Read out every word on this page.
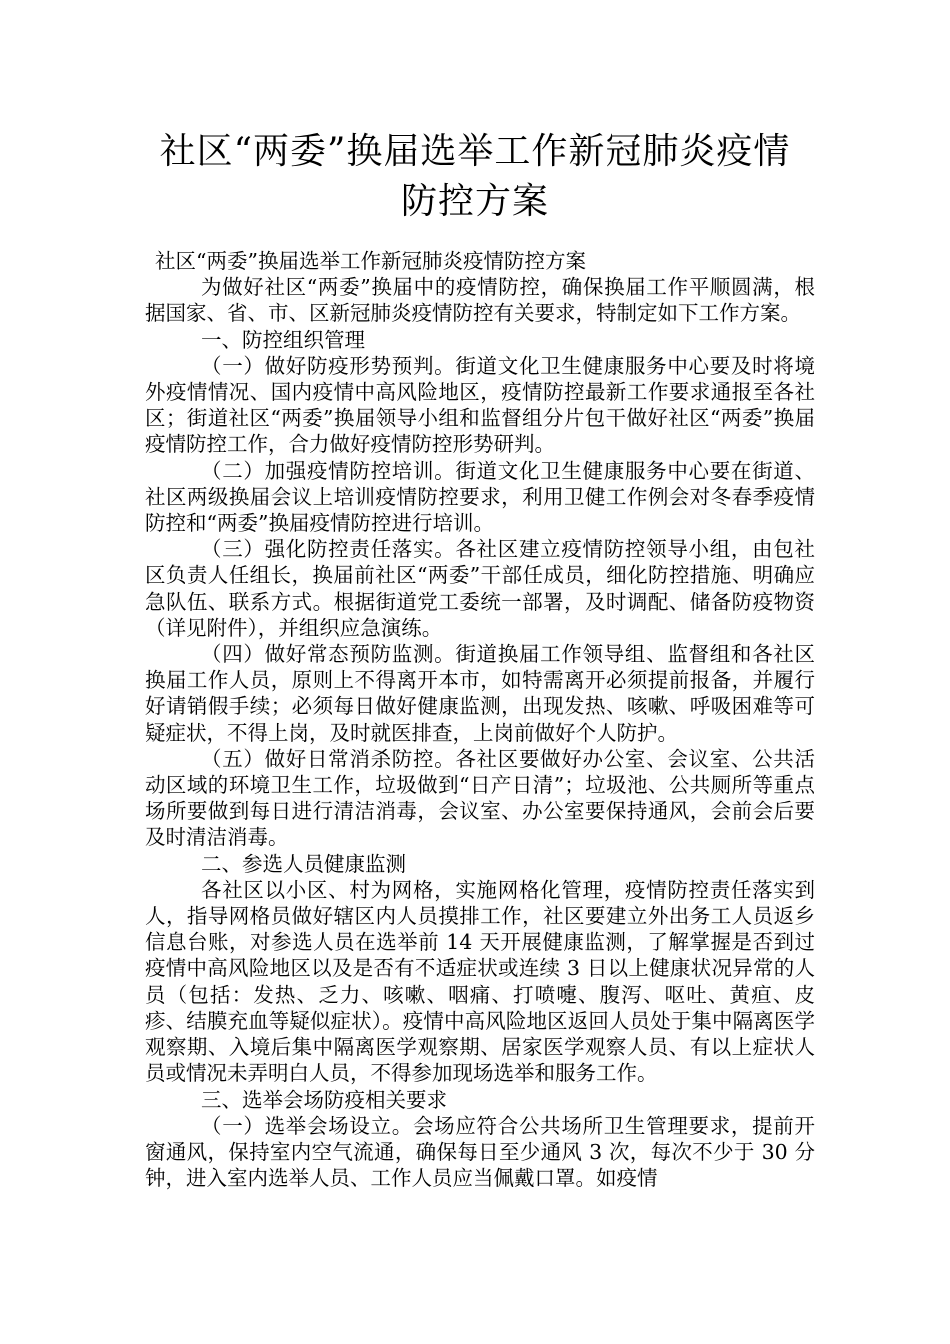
社区“两委”换届选举工作新冠肺炎疫情
防控方案

社区“两委”换届选举工作新冠肺炎疫情防控方案

为做好社区“两委”换届中的疫情防控，确保换届工作平顺圆满，根据国家、省、市、区新冠肺炎疫情防控有关要求，特制定如下工作方案。

一、防控组织管理

（一）做好防疫形势预判。街道文化卫生健康服务中心要及时将境外疫情情况、国内疫情中高风险地区，疫情防控最新工作要求通报至各社区；街道社区“两委”换届领导小组和监督组分片包干做好社区“两委”换届疫情防控工作，合力做好疫情防控形势研判。

（二）加强疫情防控培训。街道文化卫生健康服务中心要在街道、社区两级换届会议上培训疫情防控要求，利用卫健工作例会对冬春季疫情防控和“两委”换届疫情防控进行培训。

（三）强化防控责任落实。各社区建立疫情防控领导小组，由包社区负责人任组长，换届前社区“两委”干部任成员，细化防控措施、明确应急队伍、联系方式。根据街道党工委统一部署，及时调配、储备防疫物资（详见附件），并组织应急演练。

（四）做好常态预防监测。街道换届工作领导组、监督组和各社区换届工作人员，原则上不得离开本市，如特需离开必须提前报备，并履行好请销假手续；必须每日做好健康监测，出现发热、咳嗽、呼吸困难等可疑症状，不得上岗，及时就医排查，上岗前做好个人防护。

（五）做好日常消杀防控。各社区要做好办公室、会议室、公共活动区域的环境卫生工作，垃圾做到“日产日清”；垃圾池、公共厕所等重点场所要做到每日进行清洁消毒，会议室、办公室要保持通风，会前会后要及时清洁消毒。

二、参选人员健康监测

各社区以小区、村为网格，实施网格化管理，疫情防控责任落实到人，指导网格员做好辖区内人员摸排工作，社区要建立外出务工人员返乡信息台账，对参选人员在选举前 14 天开展健康监测，了解掌握是否到过疫情中高风险地区以及是否有不适症状或连续 3 日以上健康状况异常的人员（包括：发热、乏力、咳嗽、咽痛、打喷嚏、腹泻、呕吐、黄疸、皮疹、结膜充血等疑似症状）。疫情中高风险地区返回人员处于集中隔离医学观察期、入境后集中隔离医学观察期、居家医学观察人员、有以上症状人员或情况未弄明白人员，不得参加现场选举和服务工作。

三、选举会场防疫相关要求

（一）选举会场设立。会场应符合公共场所卫生管理要求，提前开窗通风，保持室内空气流通，确保每日至少通风 3 次，每次不少于 30 分钟，进入室内选举人员、工作人员应当佩戴口罩。如疫情
